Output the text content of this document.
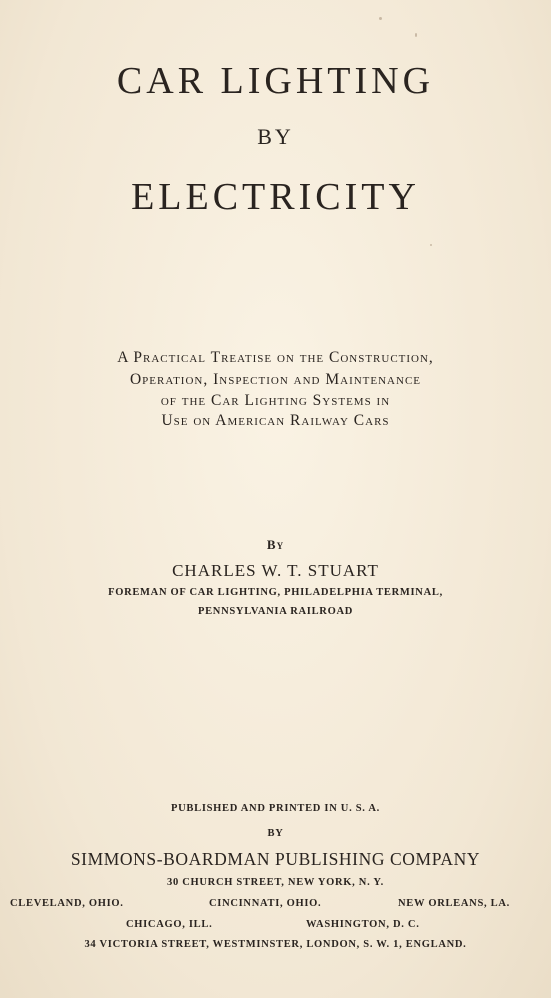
CAR LIGHTING
BY
ELECTRICITY
A Practical Treatise on the Construction,
Operation, Inspection and Maintenance
of the Car Lighting Systems in
Use on American Railway Cars
By
CHARLES W. T. STUART
FOREMAN OF CAR LIGHTING, PHILADELPHIA TERMINAL,
PENNSYLVANIA RAILROAD
PUBLISHED AND PRINTED IN U. S. A.
BY
SIMMONS-BOARDMAN PUBLISHING COMPANY
30 CHURCH STREET, NEW YORK, N. Y.
CLEVELAND, OHIO.	CINCINNATI, OHIO.	NEW ORLEANS, LA.
CHICAGO, ILL.	WASHINGTON, D. C.
34 VICTORIA STREET, WESTMINSTER, LONDON, S. W. 1, ENGLAND.
